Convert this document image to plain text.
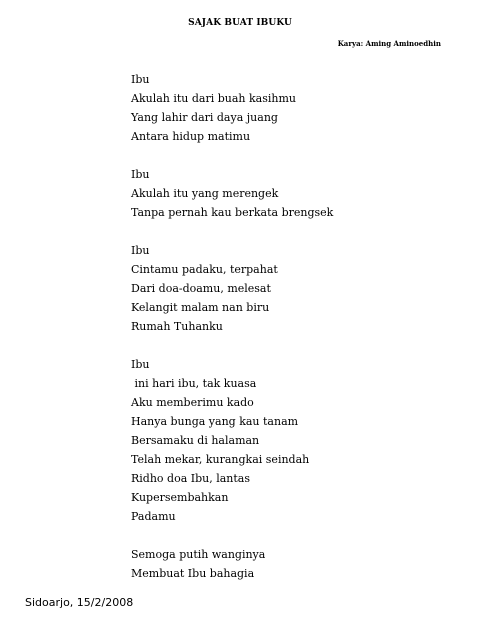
SAJAK BUAT IBUKU
Karya: Aming Aminoedhin
Ibu
Akulah itu dari buah kasihmu
Yang lahir dari daya juang
Antara hidup matimu
Ibu
Akulah itu yang merengek
Tanpa pernah kau berkata brengsek
Ibu
Cintamu padaku, terpahat
Dari doa-doamu, melesat
Kelangit malam nan biru
Rumah Tuhanku
Ibu
ini hari ibu, tak kuasa
Aku memberimu kado
Hanya bunga yang kau tanam
Bersamaku di halaman
Telah mekar, kurangkai seindah
Ridho doa Ibu, lantas
Kupersembahkan
Padamu
Semoga putih wanginya
Membuat Ibu bahagia
Sidoarjo, 15/2/2008
